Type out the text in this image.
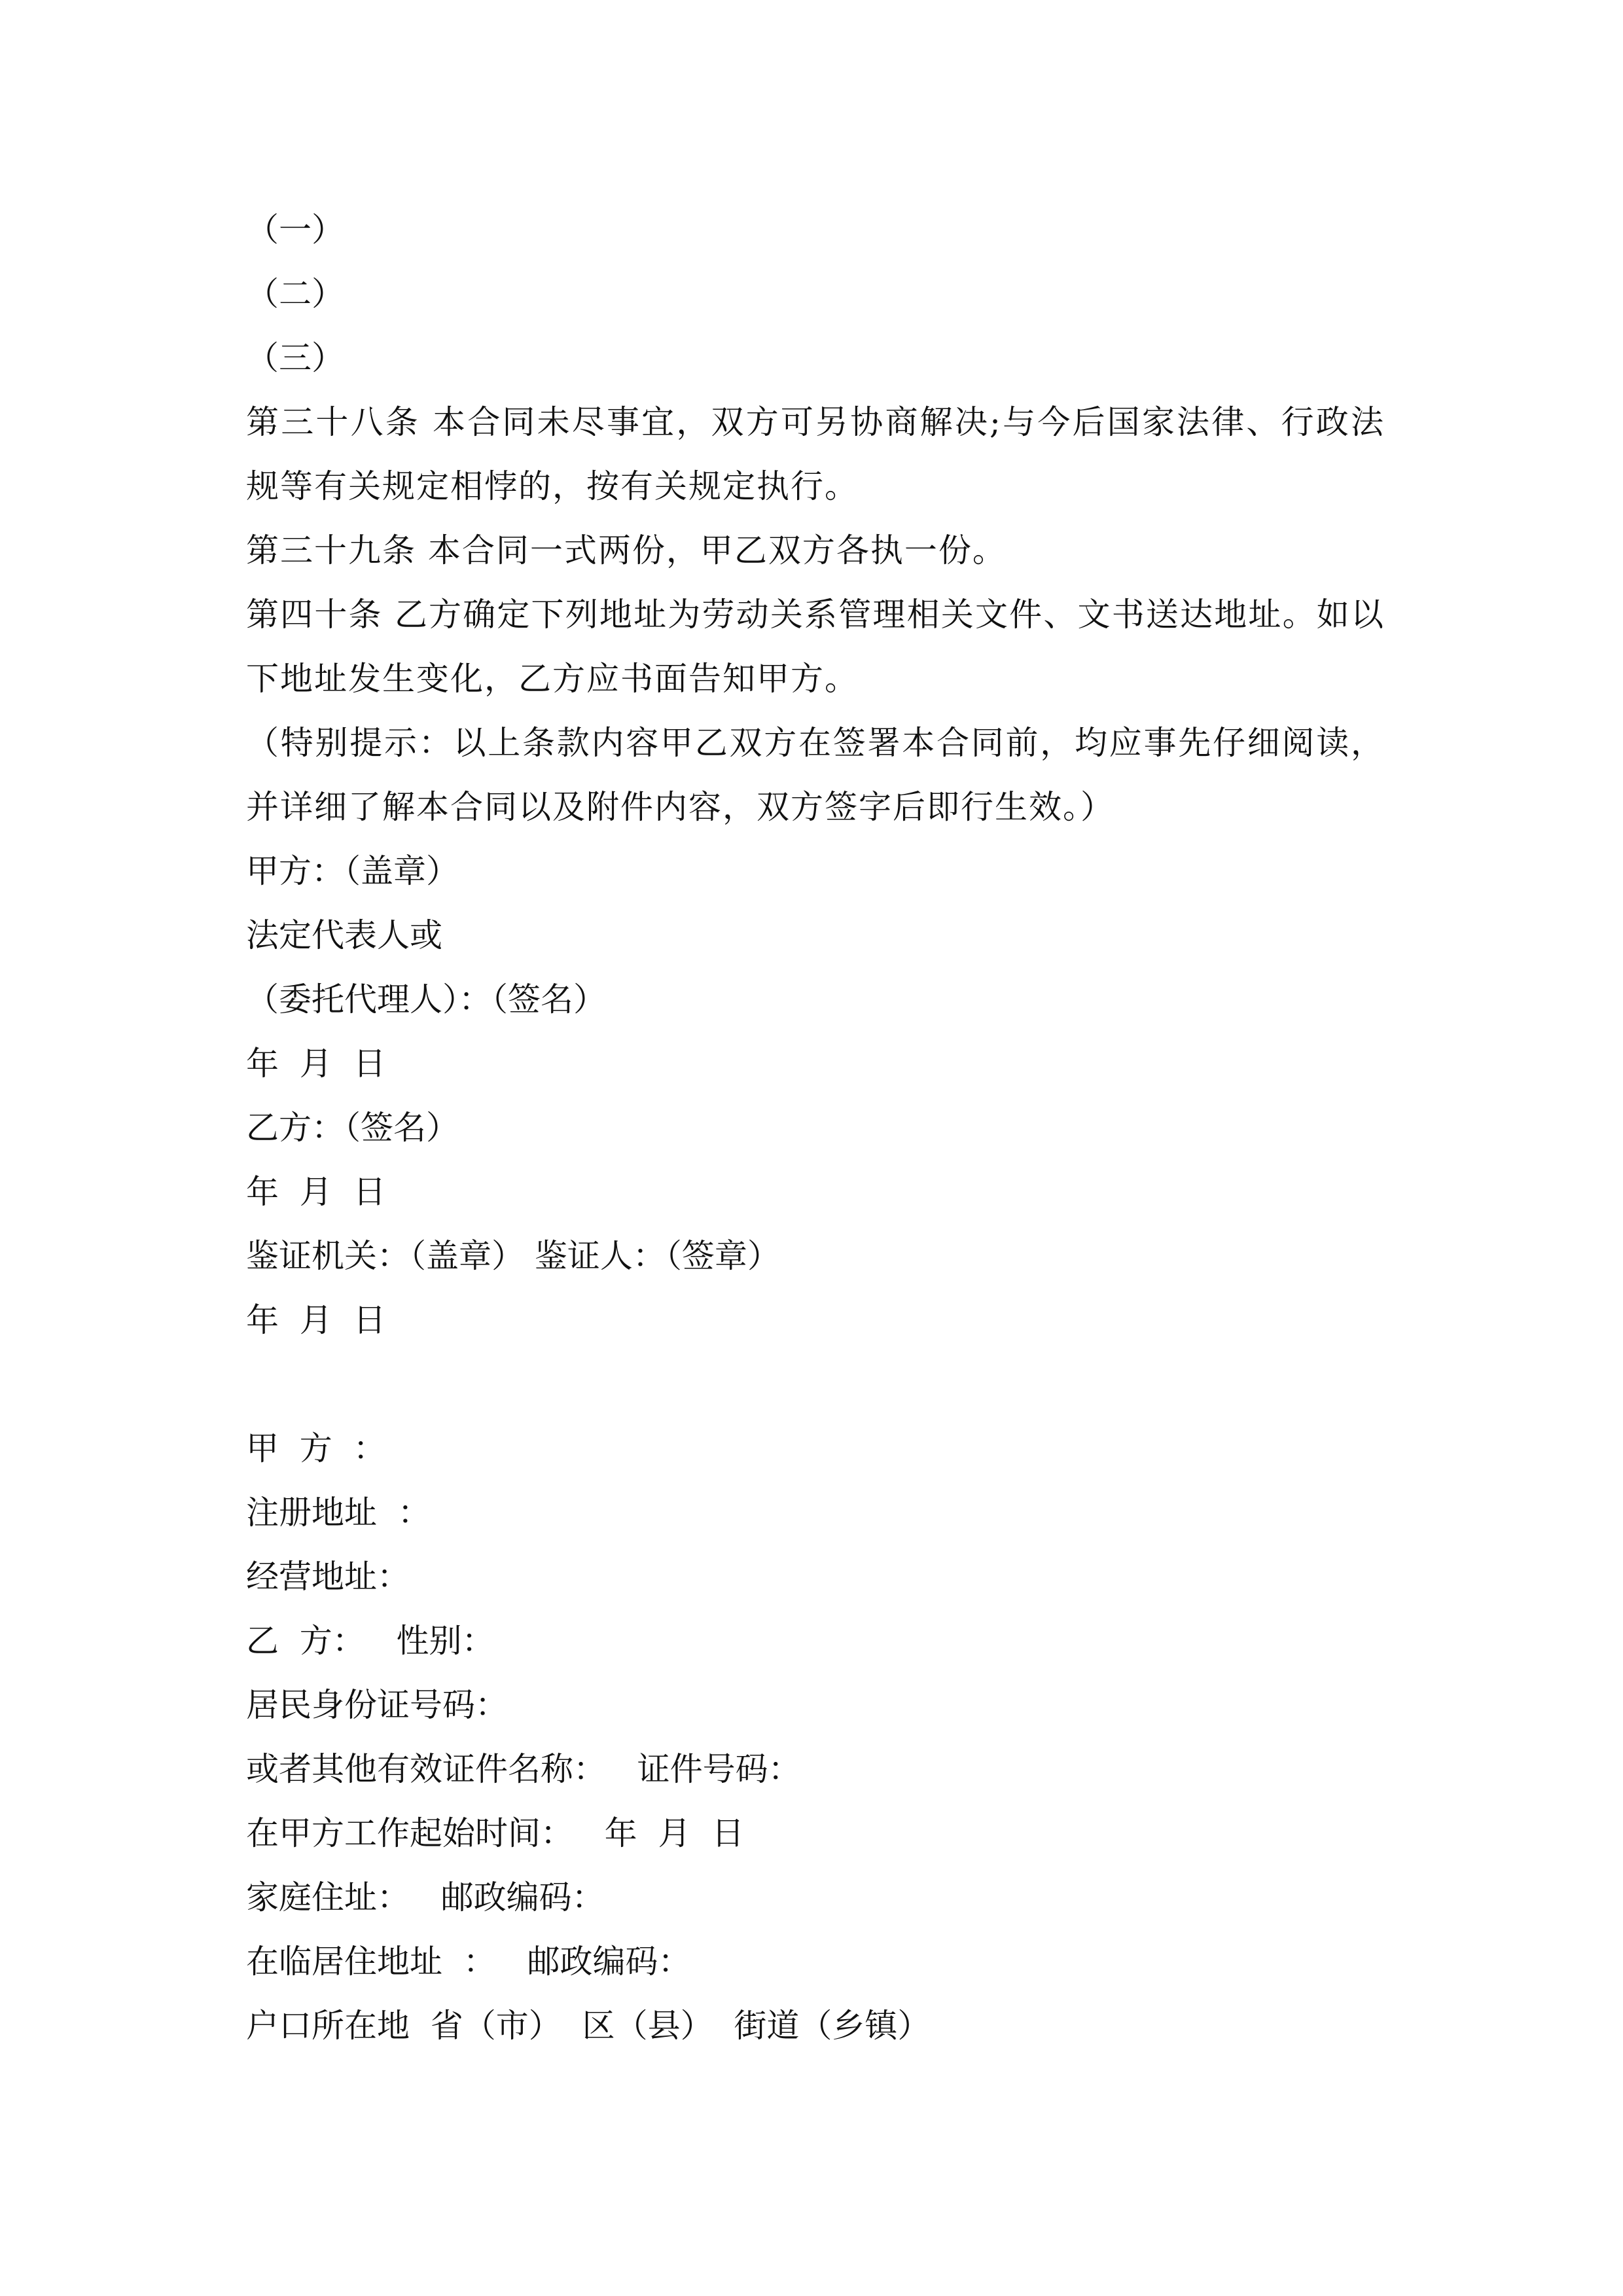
（一）
（二）
（三）
第三十八条 本合同未尽事宜，双方可另协商解决;与今后国家法律、行政法规等有关规定相悖的，按有关规定执行。
第三十九条 本合同一式两份，甲乙双方各执一份。
第四十条 乙方确定下列地址为劳动关系管理相关文件、文书送达地址。如以下地址发生变化，乙方应书面告知甲方。
（特别提示：以上条款内容甲乙双方在签署本合同前，均应事先仔细阅读，并详细了解本合同以及附件内容，双方签字后即行生效。）
甲方：（盖章）
法定代表人或
（委托代理人）：（签名）
年  月  日
乙方：（签名）
年  月  日
鉴证机关：（盖章） 鉴证人：（签章）
年  月  日
甲  方  ：
注册地址  ：
经营地址：
乙  方：   性别：
居民身份证号码：
或者其他有效证件名称：   证件号码：
在甲方工作起始时间：   年  月  日
家庭住址：   邮政编码：
在临居住地址  ：   邮政编码：
户口所在地  省（市）  区（县）  街道（乡镇）
